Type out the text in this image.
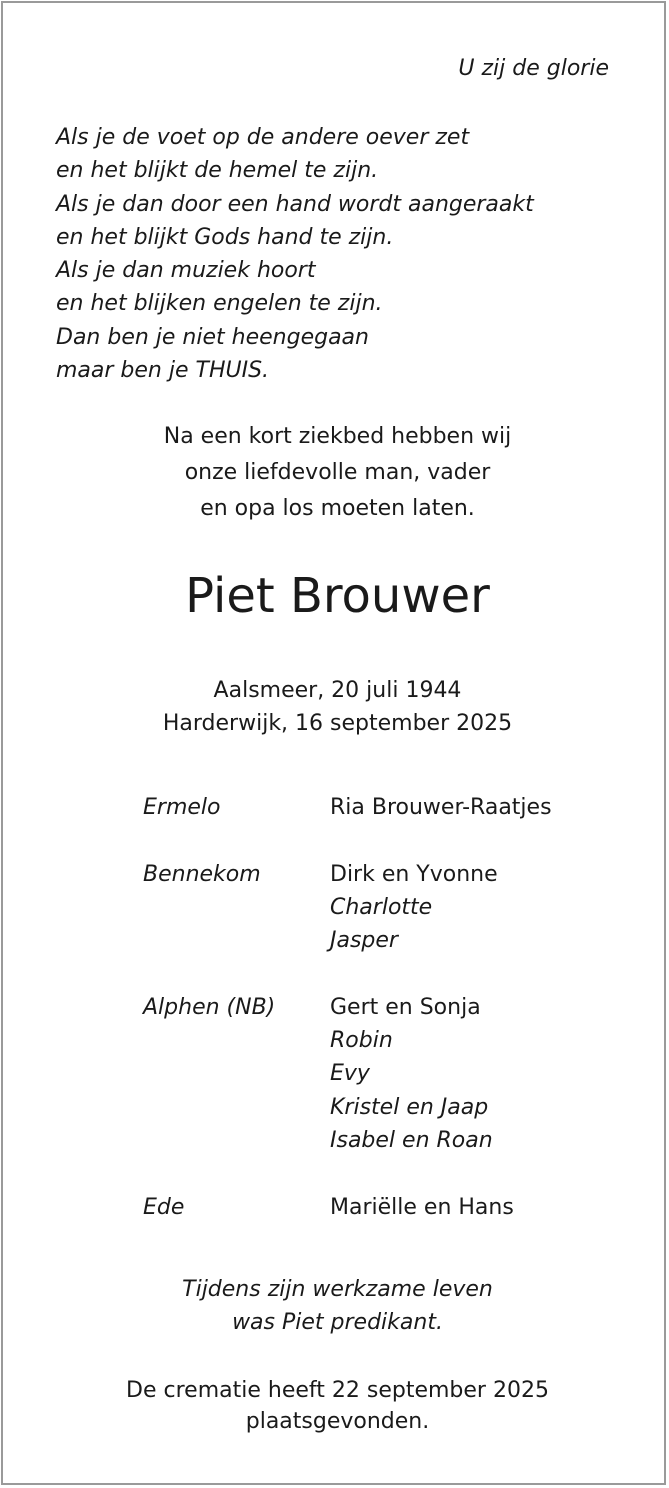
U zij de glorie

Als je de voet op de andere oever zet
en het blijkt de hemel te zijn.
Als je dan door een hand wordt aangeraakt
en het blijkt Gods hand te zijn.
Als je dan muziek hoort
en het blijken engelen te zijn.
Dan ben je niet heengegaan
maar ben je THUIS.
Na een kort ziekbed hebben wij
onze liefdevolle man, vader
en opa los moeten laten.
Piet Brouwer
Aalsmeer, 20 juli 1944
Harderwijk, 16 september 2025
Ermelo	Ria Brouwer-Raatjes
Bennekom	Dirk en Yvonne
Charlotte
Jasper
Alphen (NB)	Gert en Sonja
Robin
Evy
Kristel en Jaap
Isabel en Roan
Ede	Mariëlle en Hans
Tijdens zijn werkzame leven
was Piet predikant.
De crematie heeft 22 september 2025
plaatsgevonden.
